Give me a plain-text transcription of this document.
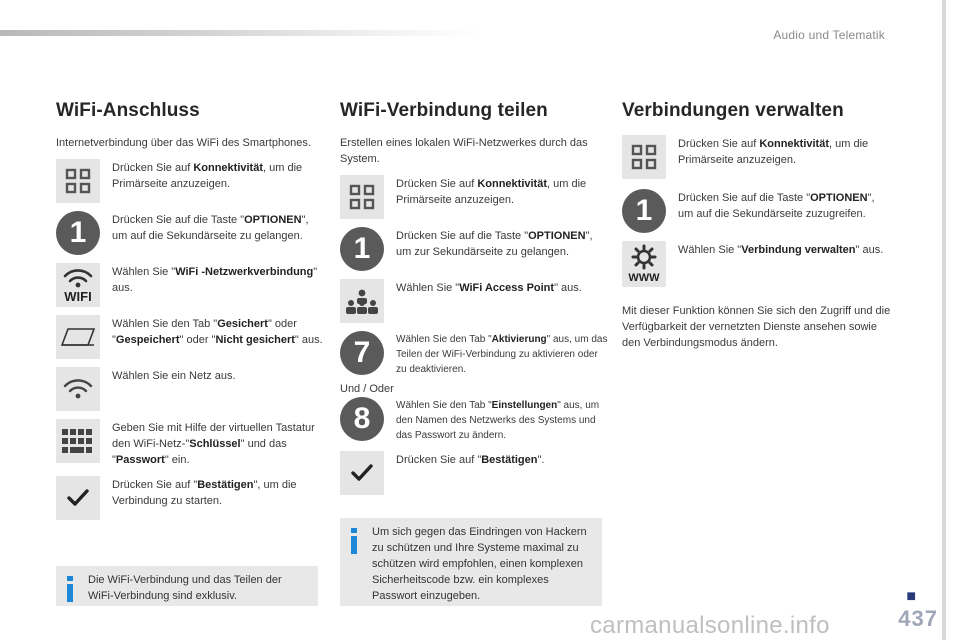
Audio und Telematik
WiFi-Anschluss

Internetverbindung über das WiFi des Smartphones.

Drücken Sie auf Konnektivität, um die Primärseite anzuzeigen.
1	Drücken Sie auf die Taste "OPTIONEN", um auf die Sekundärseite zu gelangen.
WIFI
Wählen Sie "WiFi -Netzwerkverbindung" aus.
Wählen Sie den Tab "Gesichert" oder "Gespeichert" oder "Nicht gesichert" aus.
Wählen Sie ein Netz aus.
Geben Sie mit Hilfe der virtuellen Tastatur den WiFi-Netz-"Schlüssel" und das "Passwort" ein.
Drücken Sie auf "Bestätigen", um die Verbindung zu starten.
Die WiFi-Verbindung und das Teilen der WiFi-Verbindung sind exklusiv.
WiFi-Verbindung teilen

Erstellen eines lokalen WiFi-Netzwerkes durch das System.

Drücken Sie auf Konnektivität, um die Primärseite anzuzeigen.
1	Drücken Sie auf die Taste "OPTIONEN", um zur Sekundärseite zu gelangen.
Wählen Sie "WiFi Access Point" aus.
7	Wählen Sie den Tab "Aktivierung" aus, um das Teilen der WiFi-Verbindung zu aktivieren oder zu deaktivieren.
Und / Oder
8	Wählen Sie den Tab "Einstellungen" aus, um den Namen des Netzwerks des Systems und das Passwort zu ändern.
Drücken Sie auf "Bestätigen".
Um sich gegen das Eindringen von Hackern zu schützen und Ihre Systeme maximal zu schützen wird empfohlen, einen komplexen Sicherheitscode bzw. ein komplexes Passwort einzugeben.
Verbindungen verwalten
Drücken Sie auf Konnektivität, um die Primärseite anzuzeigen.
1	Drücken Sie auf die Taste "OPTIONEN", um auf die Sekundärseite zuzugreifen.
WWW
Wählen Sie "Verbindung verwalten" aus.

Mit dieser Funktion können Sie sich den Zugriff und die Verfügbarkeit der vernetzten Dienste ansehen sowie den Verbindungsmodus ändern.

■
437
carmanualsonline.info
